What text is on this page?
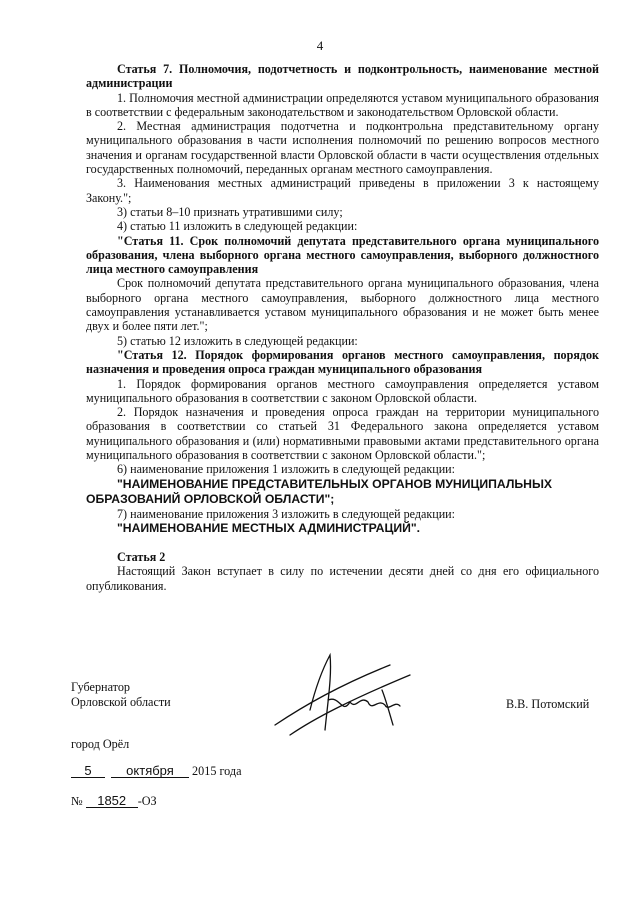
4

Статья 7. Полномочия, подотчетность и подконтрольность, наименование местной администрации

1. Полномочия местной администрации определяются уставом муниципального образования в соответствии с федеральным законодательством и законодательством Орловской области.

2. Местная администрация подотчетна и подконтрольна представительному органу муниципального образования в части исполнения полномочий по решению вопросов местного значения и органам государственной власти Орловской области в части осуществления отдельных государственных полномочий, переданных органам местного самоуправления.

3. Наименования местных администраций приведены в приложении 3 к настоящему Закону.";

3) статьи 8–10 признать утратившими силу;

4) статью 11 изложить в следующей редакции:

"Статья 11. Срок полномочий депутата представительного органа муниципального образования, члена выборного органа местного самоуправления, выборного должностного лица местного самоуправления

Срок полномочий депутата представительного органа муниципального образования, члена выборного органа местного самоуправления, выборного должностного лица местного самоуправления устанавливается уставом муниципального образования и не может быть менее двух и более пяти лет.";

5) статью 12 изложить в следующей редакции:

"Статья 12. Порядок формирования органов местного самоуправления, порядок назначения и проведения опроса граждан муниципального образования

1. Порядок формирования органов местного самоуправления определяется уставом муниципального образования в соответствии с законом Орловской области.

2. Порядок назначения и проведения опроса граждан на территории муниципального образования в соответствии со статьей 31 Федерального закона определяется уставом муниципального образования и (или) нормативными правовыми актами представительного органа муниципального образования в соответствии с законом Орловской области.";

6) наименование приложения 1 изложить в следующей редакции:

"НАИМЕНОВАНИЕ ПРЕДСТАВИТЕЛЬНЫХ ОРГАНОВ МУНИЦИПАЛЬНЫХ ОБРАЗОВАНИЙ ОРЛОВСКОЙ ОБЛАСТИ";

7) наименование приложения 3 изложить в следующей редакции:

"НАИМЕНОВАНИЕ МЕСТНЫХ АДМИНИСТРАЦИЙ".

Статья 2

Настоящий Закон вступает в силу по истечении десяти дней со дня его официального опубликования.

Губернатор
Орловской области	В.В. Потомский
город Орёл
5	октября 2015 года
№ 1852 -ОЗ
